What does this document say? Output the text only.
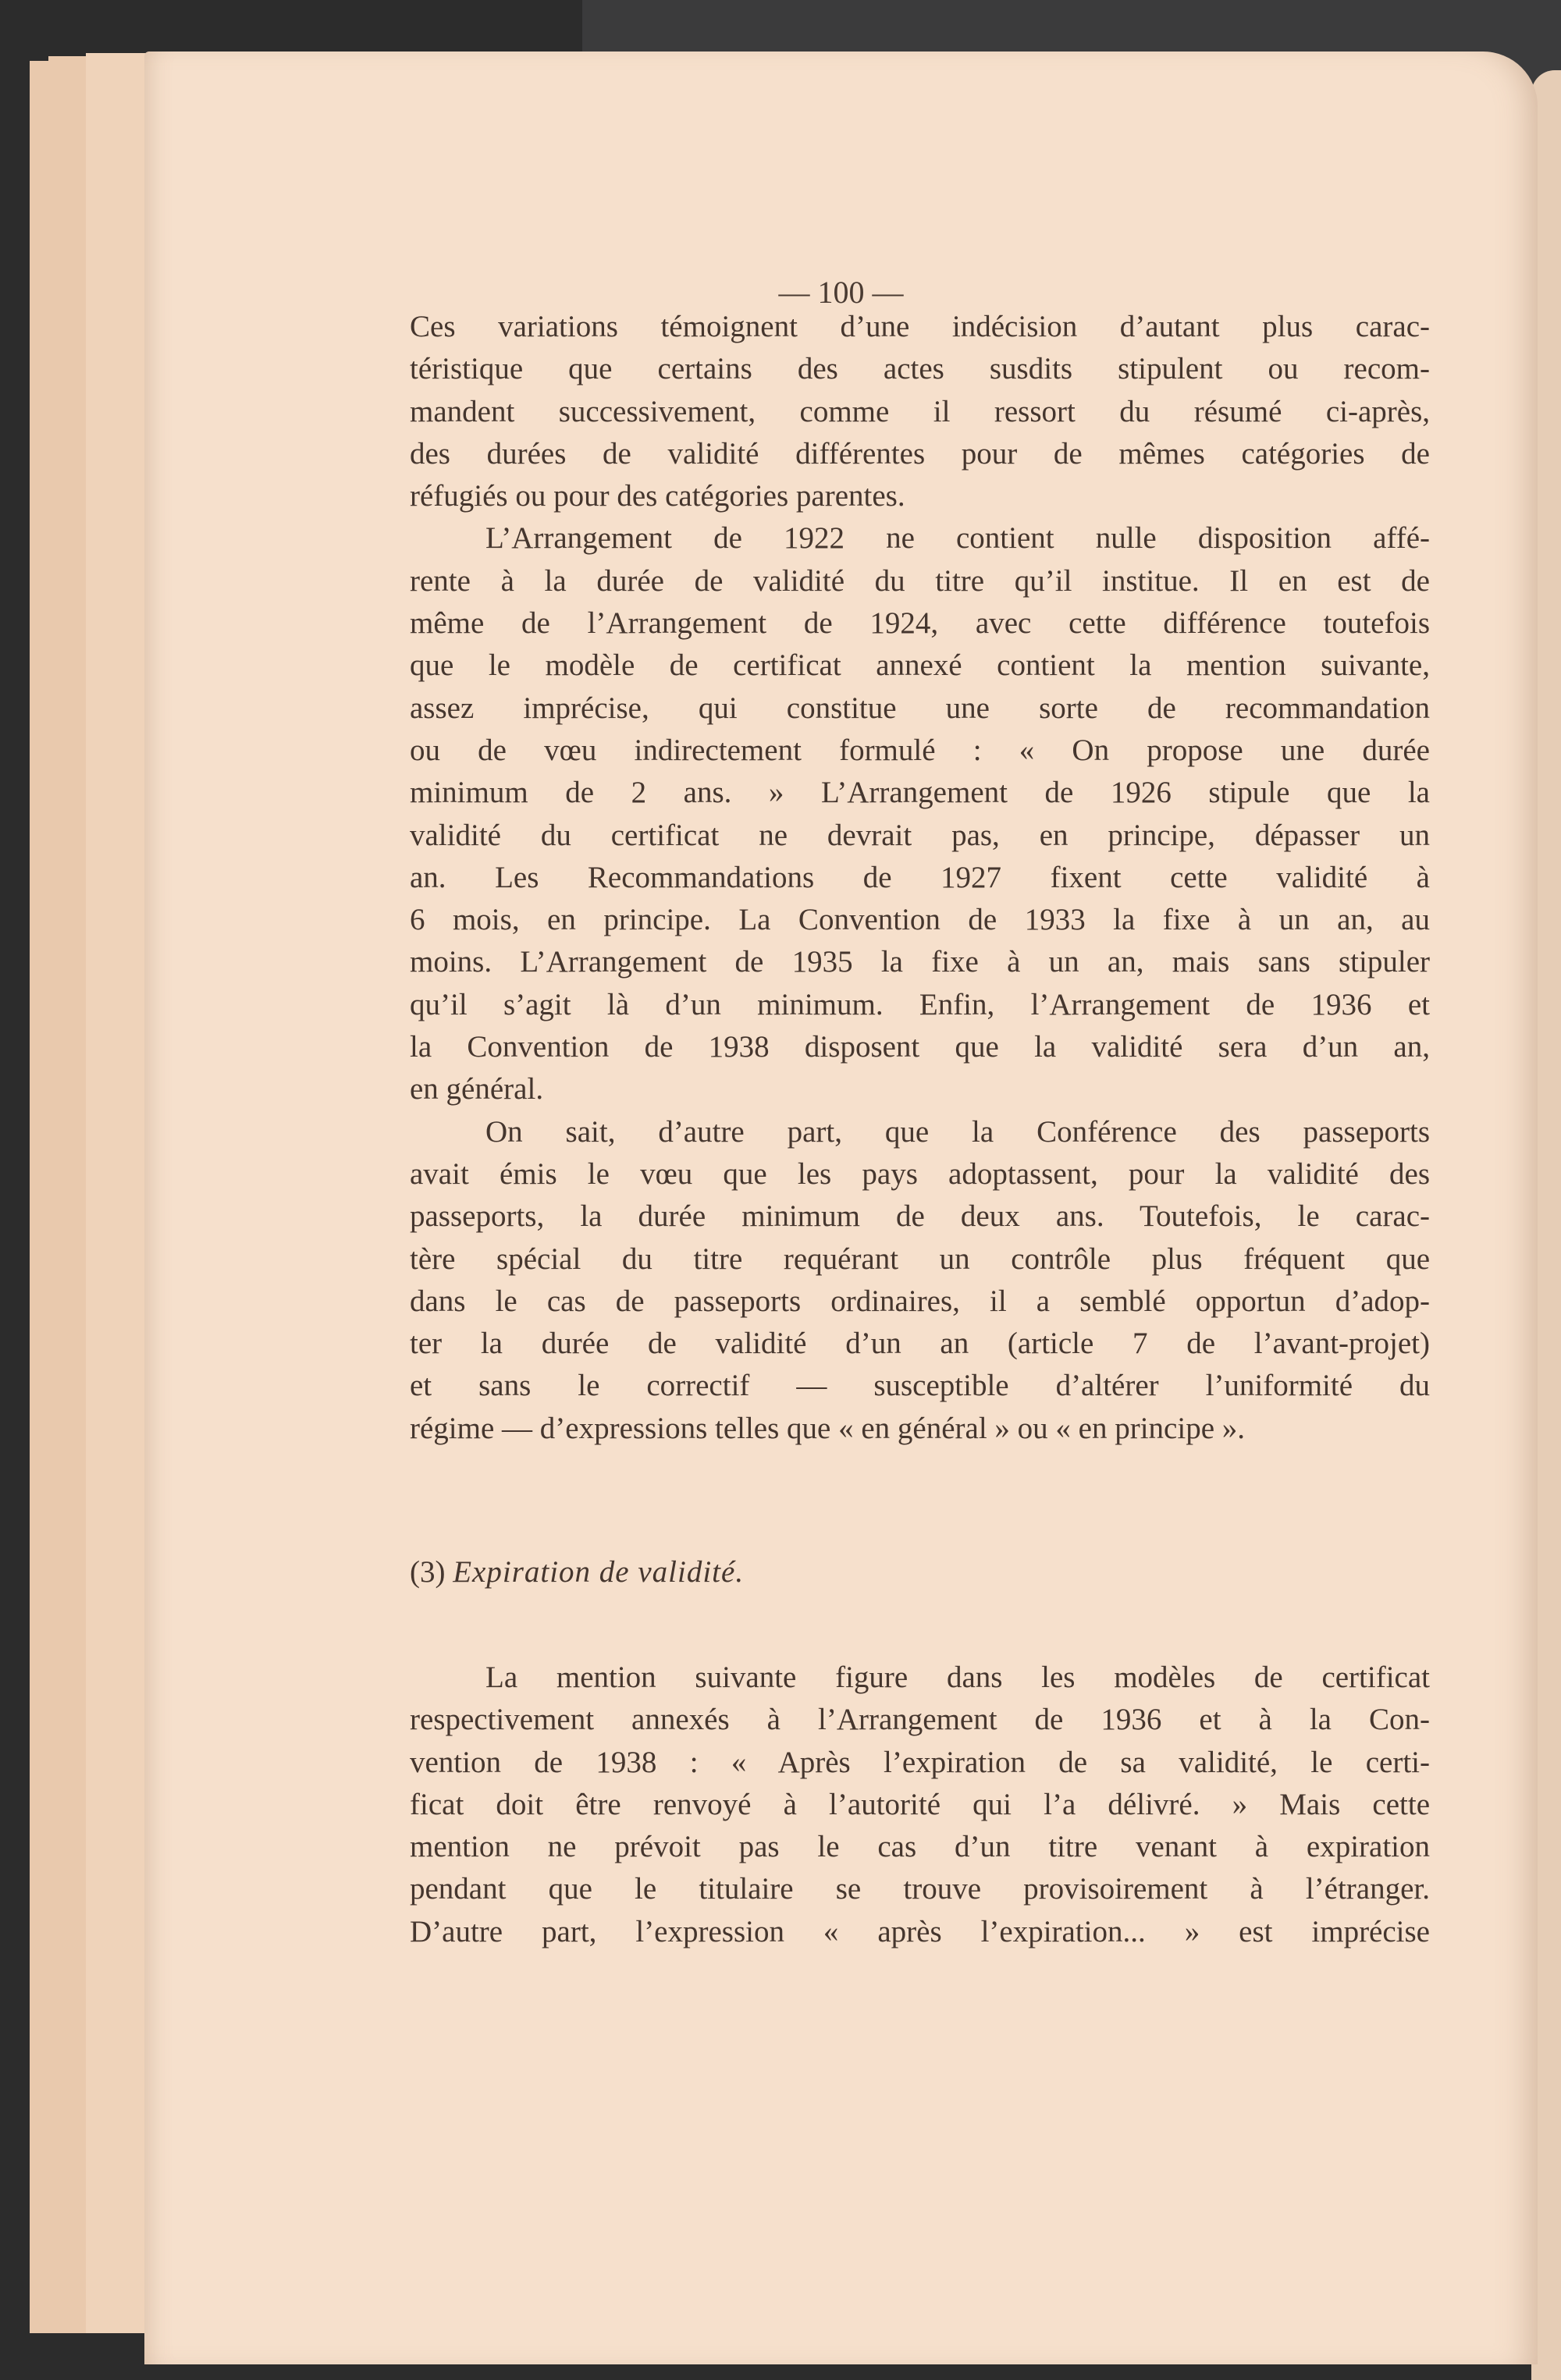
— 100 —
Ces variations témoignent d’une indécision d’autant plus carac-
téristique que certains des actes susdits stipulent ou recom-
mandent successivement, comme il ressort du résumé ci-après,
des durées de validité différentes pour de mêmes catégories de
réfugiés ou pour des catégories parentes.
L’Arrangement de 1922 ne contient nulle disposition affé-
rente à la durée de validité du titre qu’il institue. Il en est de
même de l’Arrangement de 1924, avec cette différence toutefois
que le modèle de certificat annexé contient la mention suivante,
assez imprécise, qui constitue une sorte de recommandation
ou de vœu indirectement formulé : « On propose une durée
minimum de 2 ans. » L’Arrangement de 1926 stipule que la
validité du certificat ne devrait pas, en principe, dépasser un
an. Les Recommandations de 1927 fixent cette validité à
6 mois, en principe. La Convention de 1933 la fixe à un an, au
moins. L’Arrangement de 1935 la fixe à un an, mais sans stipuler
qu’il s’agit là d’un minimum. Enfin, l’Arrangement de 1936 et
la Convention de 1938 disposent que la validité sera d’un an,
en général.
On sait, d’autre part, que la Conférence des passeports
avait émis le vœu que les pays adoptassent, pour la validité des
passeports, la durée minimum de deux ans. Toutefois, le carac-
tère spécial du titre requérant un contrôle plus fréquent que
dans le cas de passeports ordinaires, il a semblé opportun d’adop-
ter la durée de validité d’un an (article 7 de l’avant-projet)
et sans le correctif — susceptible d’altérer l’uniformité du
régime — d’expressions telles que « en général » ou « en principe ».
(3) Expiration de validité.
La mention suivante figure dans les modèles de certificat
respectivement annexés à l’Arrangement de 1936 et à la Con-
vention de 1938 : « Après l’expiration de sa validité, le certi-
ficat doit être renvoyé à l’autorité qui l’a délivré. » Mais cette
mention ne prévoit pas le cas d’un titre venant à expiration
pendant que le titulaire se trouve provisoirement à l’étranger.
D’autre part, l’expression « après l’expiration... » est imprécise
